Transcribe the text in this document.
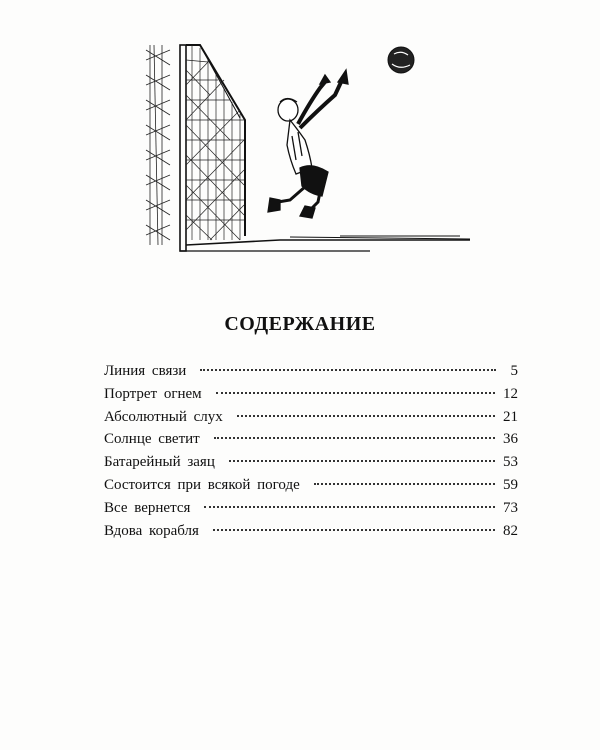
СОДЕРЖАНИЕ
Линия связи	5
Портрет огнем	12
Абсолютный слух	21
Солнце светит	36
Батарейный заяц	53
Состоится при всякой погоде	59
Все вернется	73
Вдова корабля	82
